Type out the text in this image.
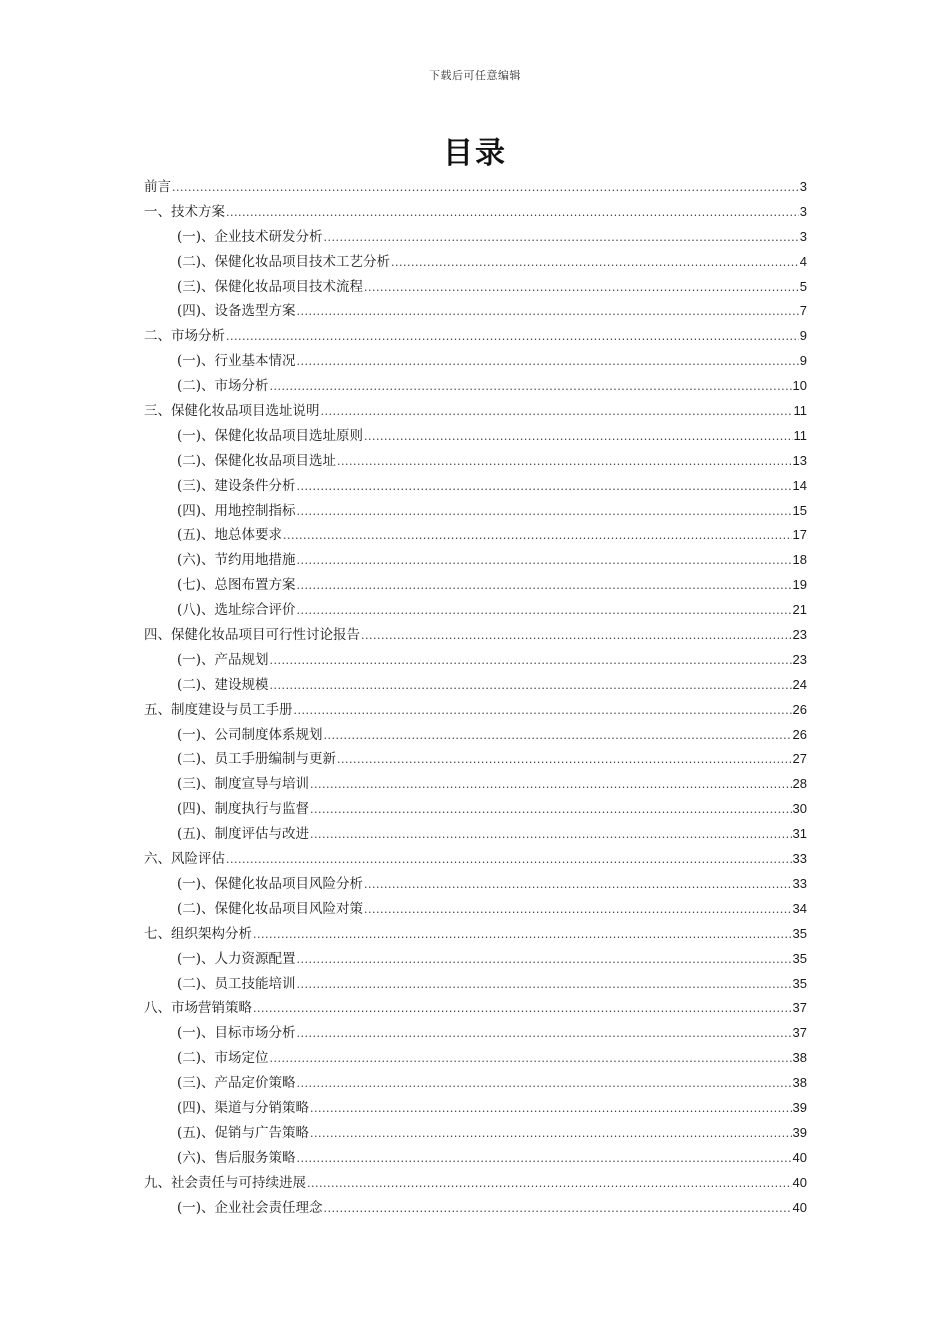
下载后可任意编辑
目录
前言 .....	3
一、技术方案 .....	3
(一)、企业技术研发分析 .....	3
(二)、保健化妆品项目技术工艺分析 .....	4
(三)、保健化妆品项目技术流程 .....	5
(四)、设备选型方案 .....	7
二、市场分析 .....	9
(一)、行业基本情况 .....	9
(二)、市场分析 .....	10
三、保健化妆品项目选址说明 .....	11
(一)、保健化妆品项目选址原则 .....	11
(二)、保健化妆品项目选址 .....	13
(三)、建设条件分析 .....	14
(四)、用地控制指标 .....	15
(五)、地总体要求 .....	17
(六)、节约用地措施 .....	18
(七)、总图布置方案 .....	19
(八)、选址综合评价 .....	21
四、保健化妆品项目可行性讨论报告 .....	23
(一)、产品规划 .....	23
(二)、建设规模 .....	24
五、制度建设与员工手册 .....	26
(一)、公司制度体系规划 .....	26
(二)、员工手册编制与更新 .....	27
(三)、制度宣导与培训 .....	28
(四)、制度执行与监督 .....	30
(五)、制度评估与改进 .....	31
六、风险评估 .....	33
(一)、保健化妆品项目风险分析 .....	33
(二)、保健化妆品项目风险对策 .....	34
七、组织架构分析 .....	35
(一)、人力资源配置 .....	35
(二)、员工技能培训 .....	35
八、市场营销策略 .....	37
(一)、目标市场分析 .....	37
(二)、市场定位 .....	38
(三)、产品定价策略 .....	38
(四)、渠道与分销策略 .....	39
(五)、促销与广告策略 .....	39
(六)、售后服务策略 .....	40
九、社会责任与可持续进展 .....	40
(一)、企业社会责任理念 .....	40
